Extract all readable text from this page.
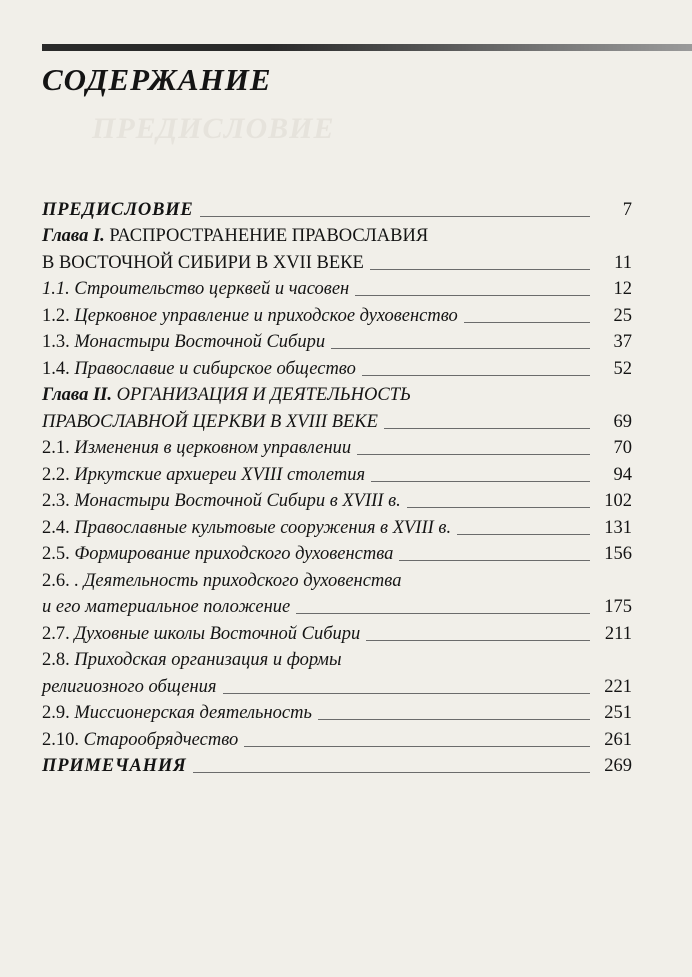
ПРЕДИСЛОВИЕ
СОДЕРЖАНИЕ
ПРЕДИСЛОВИЕ	7
Глава I. РАСПРОСТРАНЕНИЕ ПРАВОСЛАВИЯ
В ВОСТОЧНОЙ СИБИРИ В XVII ВЕКЕ	11
1.1. Строительство церквей и часовен	12
1.2. Церковное управление и приходское духовенство	25
1.3. Монастыри Восточной Сибири	37
1.4. Православие и сибирское общество	52
Глава II. ОРГАНИЗАЦИЯ И ДЕЯТЕЛЬНОСТЬ
ПРАВОСЛАВНОЙ ЦЕРКВИ В XVIII ВЕКЕ	69
2.1. Изменения в церковном управлении	70
2.2. Иркутские архиереи XVIII столетия	94
2.3. Монастыри Восточной Сибири в XVIII в.	102
2.4. Православные культовые сооружения в XVIII в.	131
2.5. Формирование приходского духовенства	156
2.6. . Деятельность приходского духовенства
и его материальное положение	175
2.7. Духовные школы Восточной Сибири	211
2.8. Приходская организация и формы
религиозного общения	221
2.9. Миссионерская деятельность	251
2.10. Старообрядчество	261
ПРИМЕЧАНИЯ	269
